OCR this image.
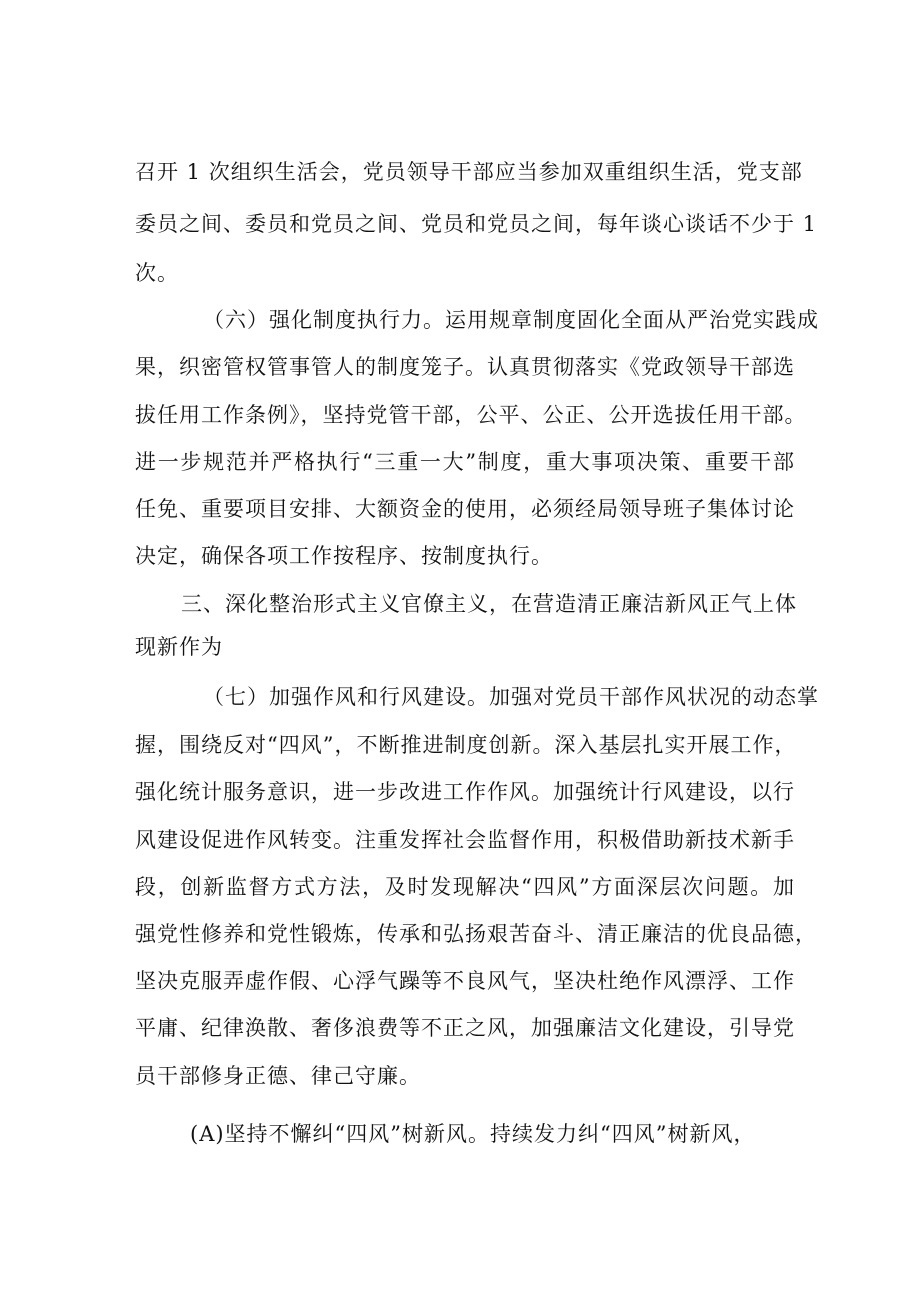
召开 1 次组织生活会，党员领导干部应当参加双重组织生活，党支部
委员之间、委员和党员之间、党员和党员之间，每年谈心谈话不少于 1
次。
（六）强化制度执行力。运用规章制度固化全面从严治党实践成
果，织密管权管事管人的制度笼子。认真贯彻落实《党政领导干部选
拔任用工作条例》，坚持党管干部，公平、公正、公开选拔任用干部。
进一步规范并严格执行“三重一大”制度，重大事项决策、重要干部
任免、重要项目安排、大额资金的使用，必须经局领导班子集体讨论
决定，确保各项工作按程序、按制度执行。
三、深化整治形式主义官僚主义，在营造清正廉洁新风正气上体
现新作为
（七）加强作风和行风建设。加强对党员干部作风状况的动态掌
握，围绕反对“四风”，不断推进制度创新。深入基层扎实开展工作，
强化统计服务意识，进一步改进工作作风。加强统计行风建设，以行
风建设促进作风转变。注重发挥社会监督作用，积极借助新技术新手
段，创新监督方式方法，及时发现解决“四风”方面深层次问题。加
强党性修养和党性锻炼，传承和弘扬艰苦奋斗、清正廉洁的优良品德，
坚决克服弄虚作假、心浮气躁等不良风气，坚决杜绝作风漂浮、工作
平庸、纪律涣散、奢侈浪费等不正之风，加强廉洁文化建设，引导党
员干部修身正德、律己守廉。
(A)坚持不懈纠“四风”树新风。持续发力纠“四风”树新风，
